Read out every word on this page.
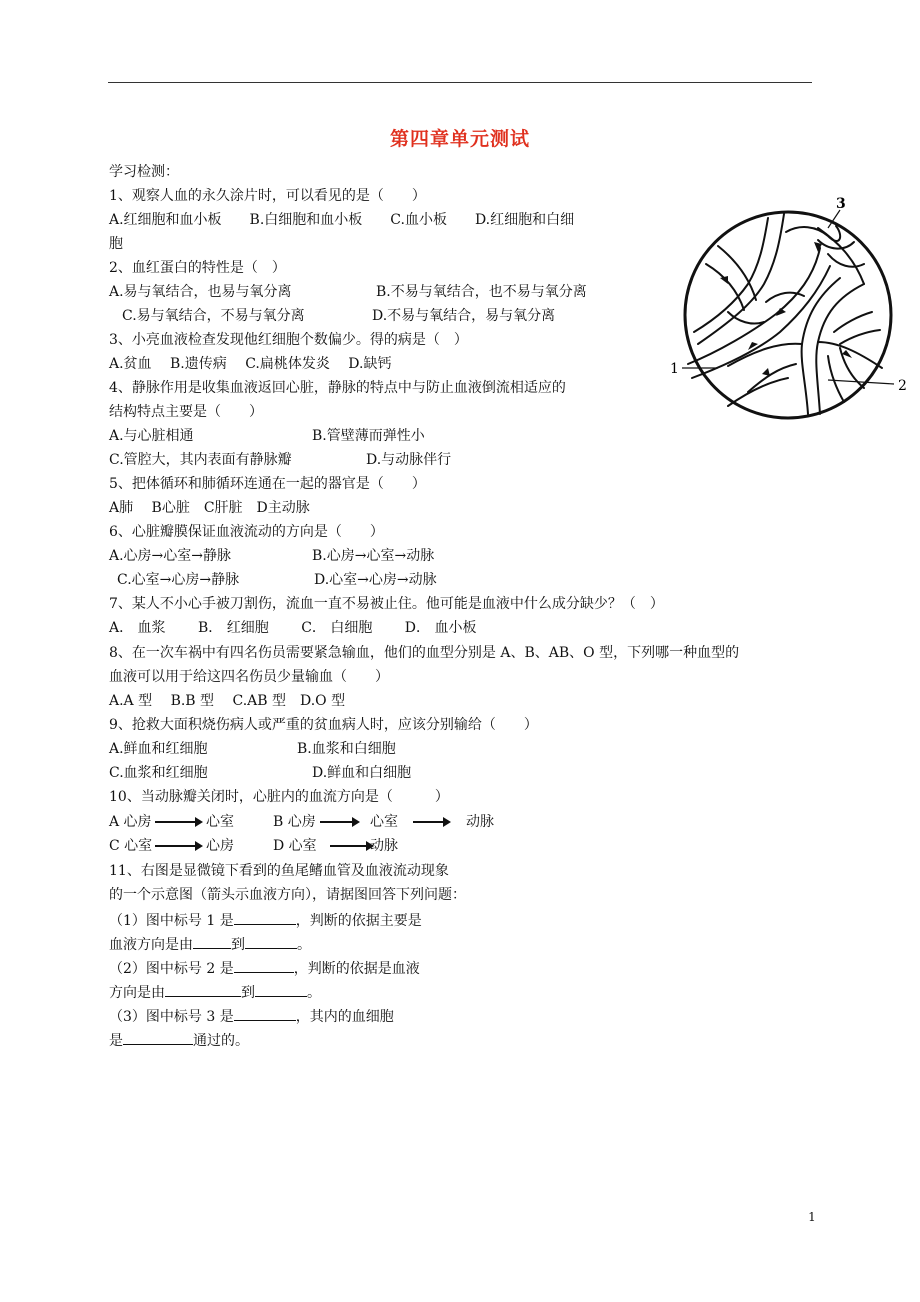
第四章单元测试
学习检测：
1、观察人血的永久涂片时，可以看见的是（　　）
A.红细胞和血小板　　B.白细胞和血小板　　C.血小板　　D.红细胞和白细
胞
2、血红蛋白的特性是（　）
A.易与氧结合，也易与氧分离	B.不易与氧结合，也不易与氧分离
C.易与氧结合，不易与氧分离	D.不易与氧结合，易与氧分离
3、小亮血液检查发现他红细胞个数偏少。得的病是（　）
A.贫血　 B.遗传病　 C.扁桃体发炎　 D.缺钙
4、静脉作用是收集血液返回心脏，静脉的特点中与防止血液倒流相适应的
结构特点主要是（　　）
A.与心脏相通	B.管壁薄而弹性小
C.管腔大，其内表面有静脉瓣	D.与动脉伴行
5、把体循环和肺循环连通在一起的器官是（　　）
A肺　 B心脏　C肝脏　D主动脉
6、心脏瓣膜保证血液流动的方向是（　　）
A.心房→心室→静脉	B.心房→心室→动脉
C.心室→心房→静脉	D.心室→心房→动脉
7、某人不小心手被刀割伤，流血一直不易被止住。他可能是血液中什么成分缺少？（　）
A． 血浆　　 B． 红细胞　　 C． 白细胞　　 D． 血小板
8、在一次车祸中有四名伤员需要紧急输血，他们的血型分别是 A、B、AB、O 型，下列哪一种血型的
血液可以用于给这四名伤员少量输血（　　）
A.A 型　 B.B 型　 C.AB 型　D.O 型
9、抢救大面积烧伤病人或严重的贫血病人时，应该分别输给（　　）
A.鲜血和红细胞	B.血浆和白细胞
C.血浆和红细胞	D.鲜血和白细胞
10、当动脉瓣关闭时，心脏内的血流方向是（　　　）
A 心房	心室	B 心房	心室	动脉
C 心室	心房	D 心室	动脉
11、右图是显微镜下看到的鱼尾鳍血管及血液流动现象
的一个示意图（箭头示血液方向），请据图回答下列问题：
（1）图中标号 1 是	，判断的依据主要是
血液方向是由	到	。
（2）图中标号 2 是	，判断的依据是血液
方向是由	到	。
（3）图中标号 3 是	，其内的血细胞
是	通过的。
1
2
3
1
